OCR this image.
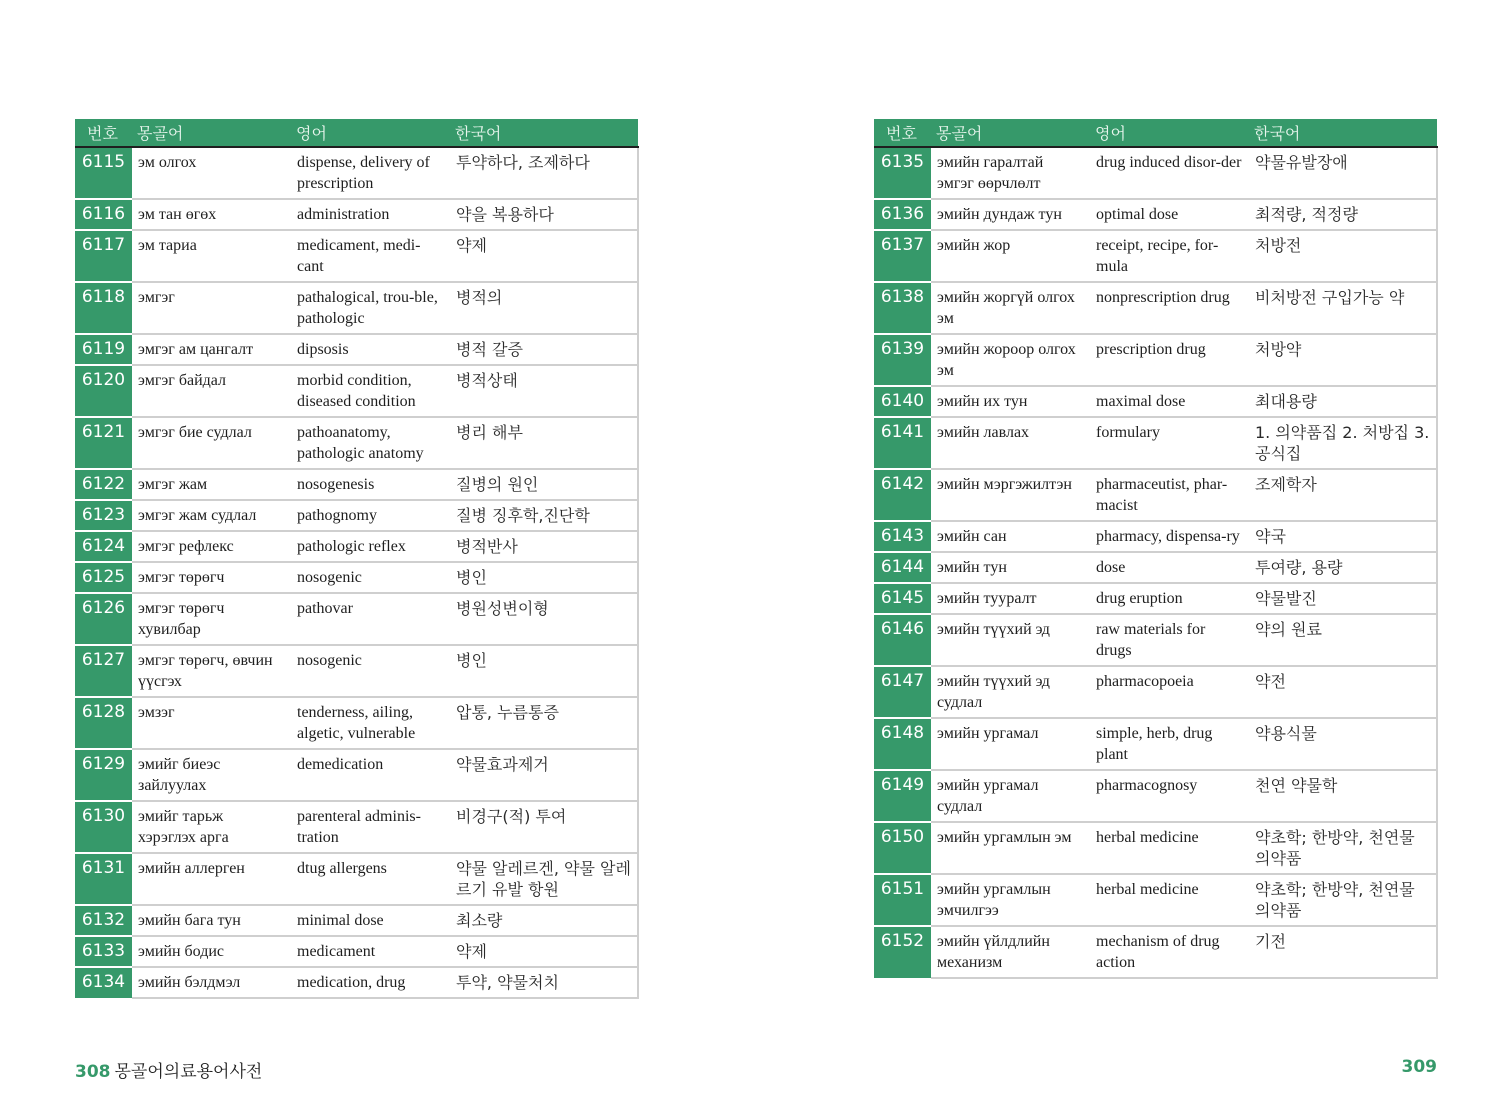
번호	몽골어	영어	한국어
6115	эм олгох	dispense, delivery of prescription	투약하다, 조제하다
6116	эм тан өгөх	administration	약을 복용하다
6117	эм тариа	medicament, medi-cant	약제
6118	эмгэг	pathalogical, trou-ble, pathologic	병적의
6119	эмгэг ам цангалт	dipsosis	병적 갈증
6120	эмгэг байдал	morbid condition, diseased condition	병적상태
6121	эмгэг бие судлал	pathoanatomy, pathologic anatomy	병리 해부
6122	эмгэг жам	nosogenesis	질병의 원인
6123	эмгэг жам судлал	pathognomy	질병 징후학,진단학
6124	эмгэг рефлекс	pathologic reflex	병적반사
6125	эмгэг төрөгч	nosogenic	병인
6126	эмгэг төрөгч хувилбар	pathovar	병원성변이형
6127	эмгэг төрөгч, өвчин үүсгэх	nosogenic	병인
6128	эмзэг	tenderness, ailing, algetic, vulnerable	압통, 누름통증
6129	эмийг биеэс зайлуулах	demedication	약물효과제거
6130	эмийг тарьж хэрэглэх арга	parenteral adminis-tration	비경구(적) 투여
6131	эмийн аллерген	dtug allergens	약물 알레르겐, 약물 알레르기 유발 항원
6132	эмийн бага тун	minimal dose	최소량
6133	эмийн бодис	medicament	약제
6134	эмийн бэлдмэл	medication, drug	투약, 약물처치
번호	몽골어	영어	한국어
6135	эмийн гаралтай эмгэг өөрчлөлт	drug induced disor-der	약물유발장애
6136	эмийн дундаж тун	optimal dose	최적량, 적정량
6137	эмийн жор	receipt, recipe, for-mula	처방전
6138	эмийн жоргүй олгох эм	nonprescription drug	비처방전 구입가능 약
6139	эмийн жороор олгох эм	prescription drug	처방약
6140	эмийн их тун	maximal dose	최대용량
6141	эмийн лавлах	formulary	1. 의약품집 2. 처방집 3. 공식집
6142	эмийн мэргэжилтэн	pharmaceutist, phar-macist	조제학자
6143	эмийн сан	pharmacy, dispensa-ry	약국
6144	эмийн тун	dose	투여량, 용량
6145	эмийн тууралт	drug eruption	약물발진
6146	эмийн түүхий эд	raw materials for drugs	약의 원료
6147	эмийн түүхий эд судлал	pharmacopoeia	약전
6148	эмийн ургамал	simple, herb, drug plant	약용식물
6149	эмийн ургамал судлал	pharmacognosy	천연 약물학
6150	эмийн ургамлын эм	herbal medicine	약초학; 한방약, 천연물 의약품
6151	эмийн ургамлын эмчилгээ	herbal medicine	약초학; 한방약, 천연물 의약품
6152	эмийн үйлдлийн механизм	mechanism of drug action	기전
308 몽골어의료용어사전	309
